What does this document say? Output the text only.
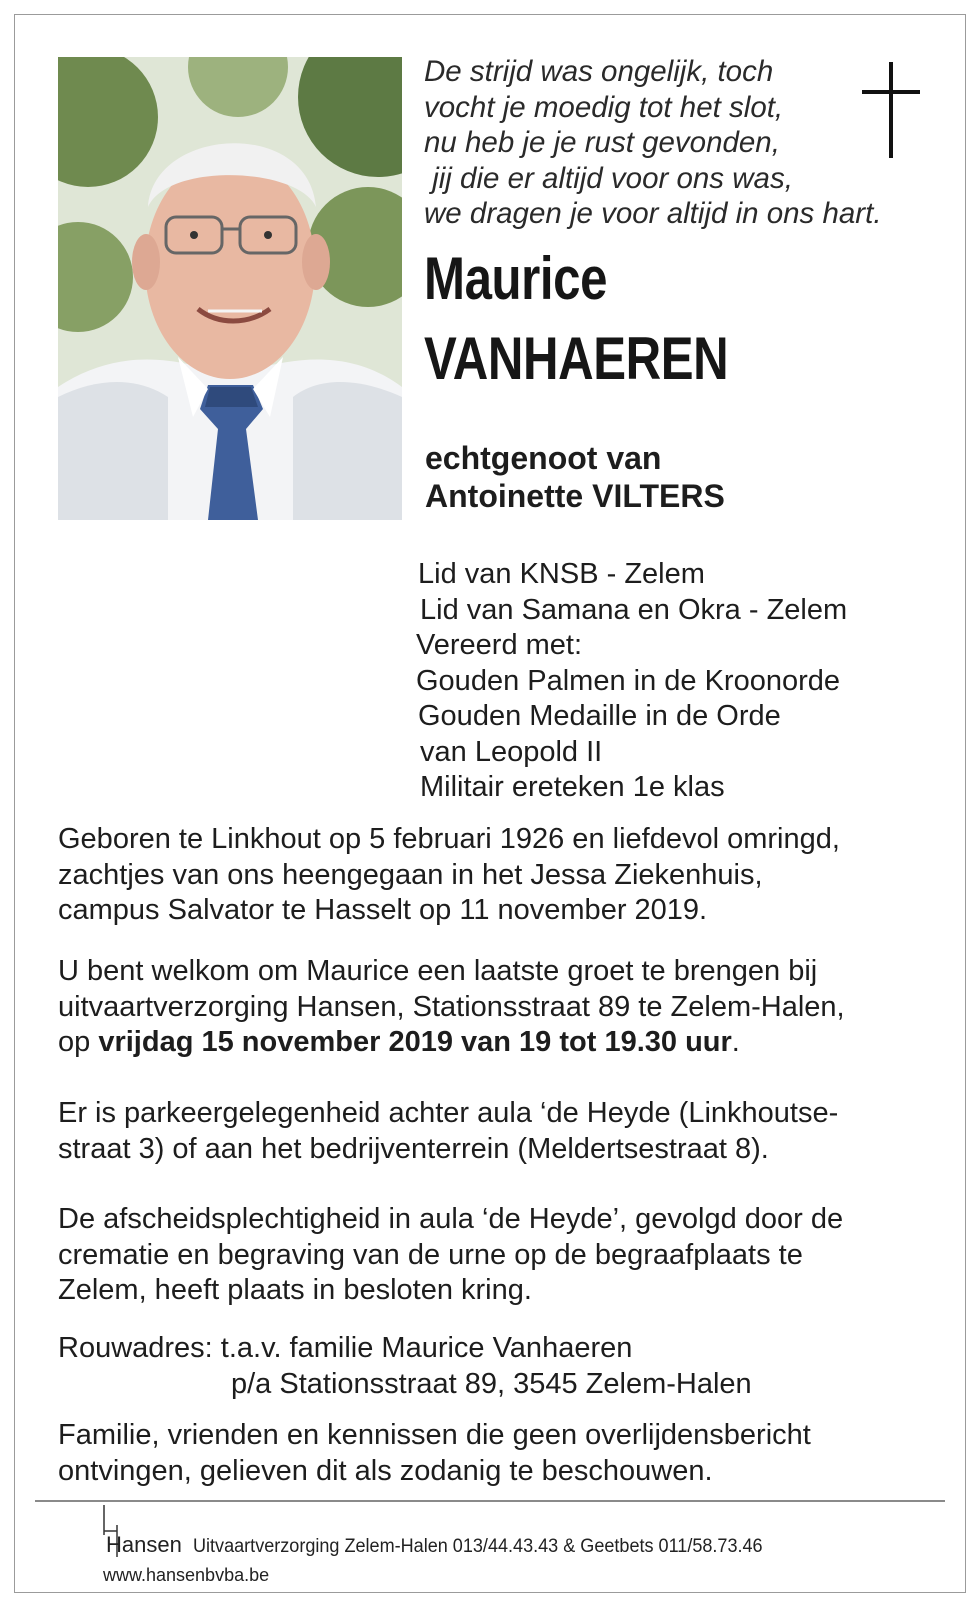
De strijd was ongelijk, toch
vocht je moedig tot het slot,
nu heb je je rust gevonden,
jij die er altijd voor ons was,
we dragen je voor altijd in ons hart.
Maurice
VANHAEREN
echtgenoot van
Antoinette VILTERS
Lid van KNSB - Zelem
Lid van Samana en Okra - Zelem
Vereerd met:
Gouden Palmen in de Kroonorde
Gouden Medaille in de Orde
van Leopold II
Militair ereteken 1e klas
Geboren te Linkhout op 5 februari 1926 en liefdevol omringd,
zachtjes van ons heengegaan in het Jessa Ziekenhuis,
campus Salvator te Hasselt op 11 november 2019.
U bent welkom om Maurice een laatste groet te brengen bij
uitvaartverzorging Hansen, Stationsstraat 89 te Zelem-Halen,
op vrijdag 15 november 2019 van 19 tot 19.30 uur.
Er is parkeergelegenheid achter aula ‘de Heyde (Linkhoutse-
straat 3) of aan het bedrijventerrein (Meldertsestraat 8).
De afscheidsplechtigheid in aula ‘de Heyde’, gevolgd door de
crematie en begraving van de urne op de begraafplaats te
Zelem, heeft plaats in besloten kring.
Rouwadres: t.a.v. familie Maurice Vanhaeren
p/a Stationsstraat 89, 3545 Zelem-Halen
Familie, vrienden en kennissen die geen overlijdensbericht
ontvingen, gelieven dit als zodanig te beschouwen.
Hansen Uitvaartverzorging Zelem-Halen 013/44.43.43 & Geetbets 011/58.73.46
www.hansenbvba.be
